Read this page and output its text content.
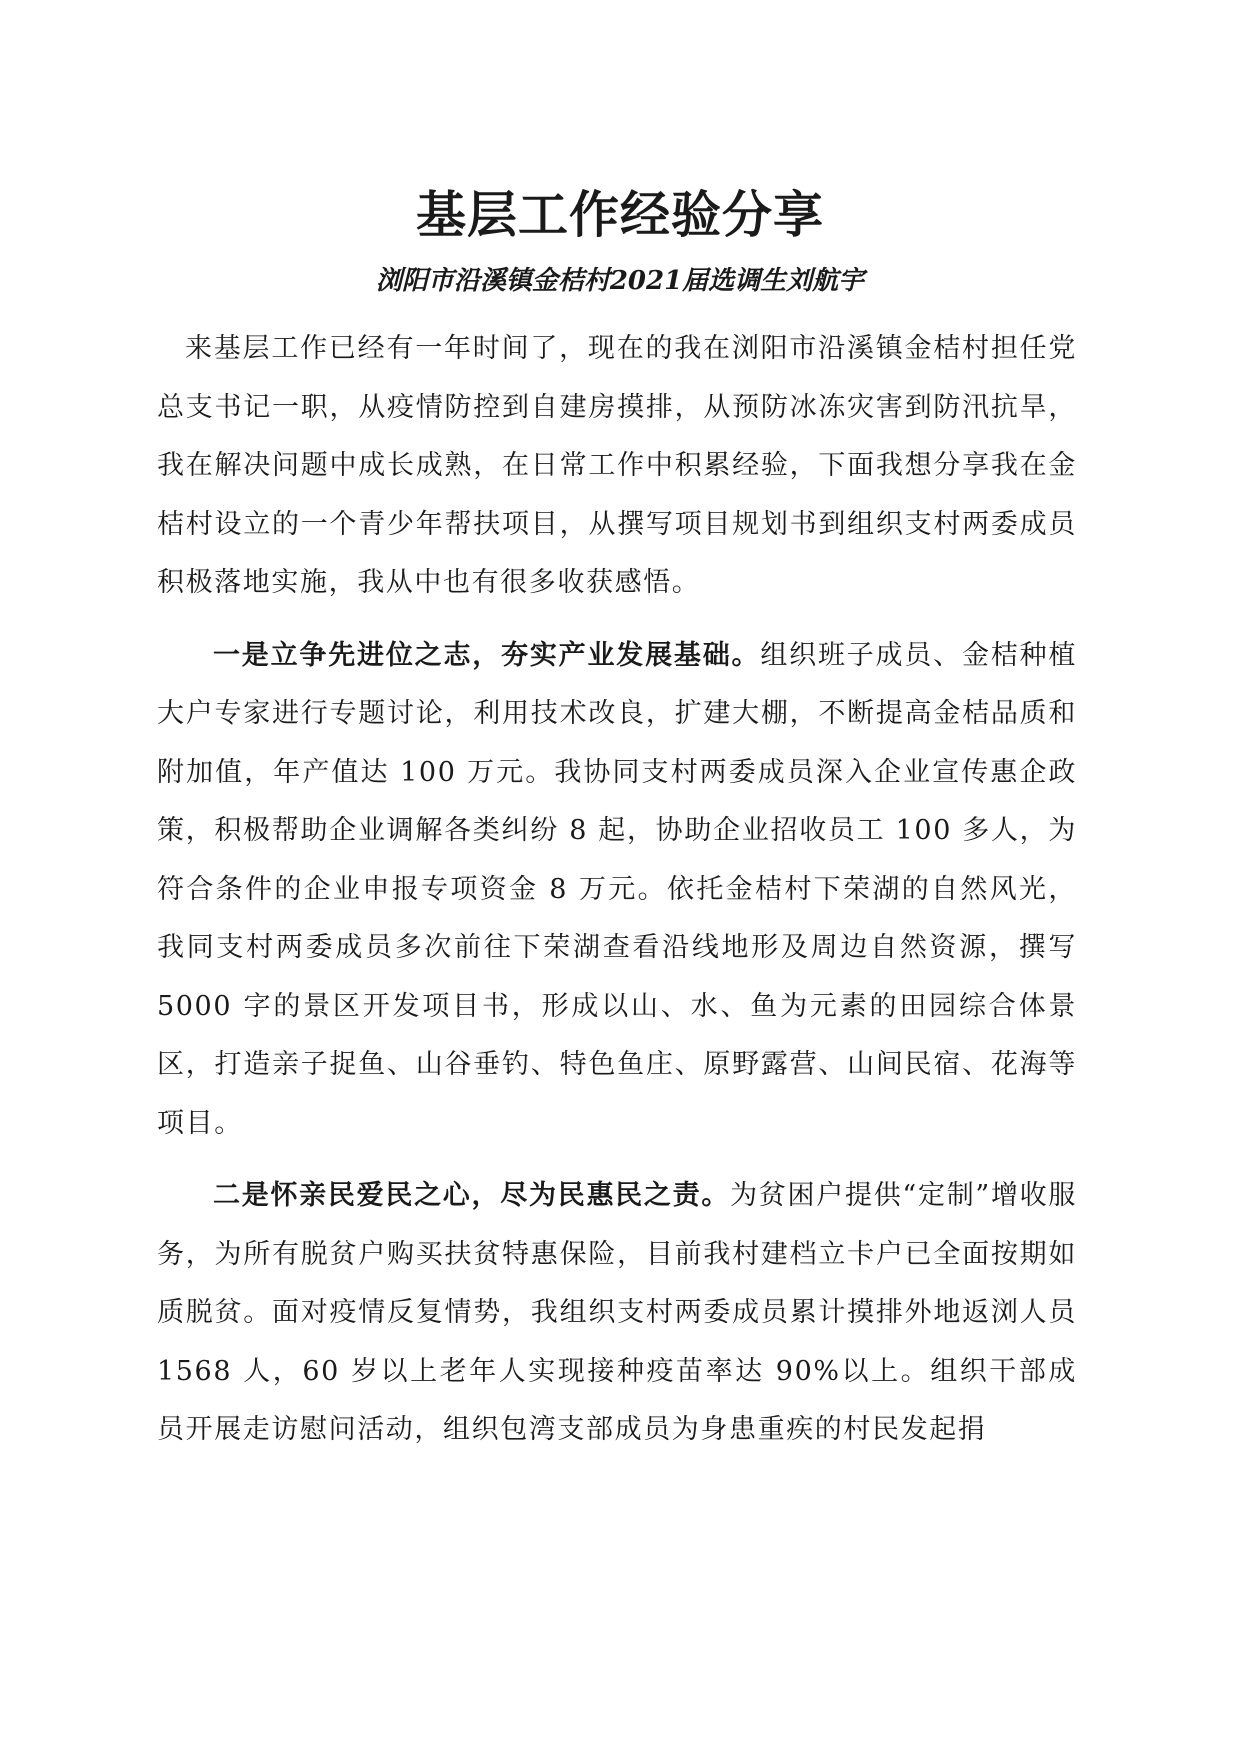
基层工作经验分享
浏阳市沿溪镇金桔村2021届选调生刘航宇

来基层工作已经有一年时间了，现在的我在浏阳市沿溪镇金桔村担任党总支书记一职，从疫情防控到自建房摸排，从预防冰冻灾害到防汛抗旱，我在解决问题中成长成熟，在日常工作中积累经验，下面我想分享我在金桔村设立的一个青少年帮扶项目，从撰写项目规划书到组织支村两委成员积极落地实施，我从中也有很多收获感悟。

一是立争先进位之志，夯实产业发展基础。组织班子成员、金桔种植大户专家进行专题讨论，利用技术改良，扩建大棚，不断提高金桔品质和附加值，年产值达 100 万元。我协同支村两委成员深入企业宣传惠企政策，积极帮助企业调解各类纠纷 8 起，协助企业招收员工 100 多人，为符合条件的企业申报专项资金 8 万元。依托金桔村下荣湖的自然风光，我同支村两委成员多次前往下荣湖查看沿线地形及周边自然资源，撰写 5000 字的景区开发项目书，形成以山、水、鱼为元素的田园综合体景区，打造亲子捉鱼、山谷垂钓、特色鱼庄、原野露营、山间民宿、花海等项目。

二是怀亲民爱民之心，尽为民惠民之责。为贫困户提供“定制”增收服务，为所有脱贫户购买扶贫特惠保险，目前我村建档立卡户已全面按期如质脱贫。面对疫情反复情势，我组织支村两委成员累计摸排外地返浏人员 1568 人，60 岁以上老年人实现接种疫苗率达 90%以上。组织干部成员开展走访慰问活动，组织包湾支部成员为身患重疾的村民发起捐
